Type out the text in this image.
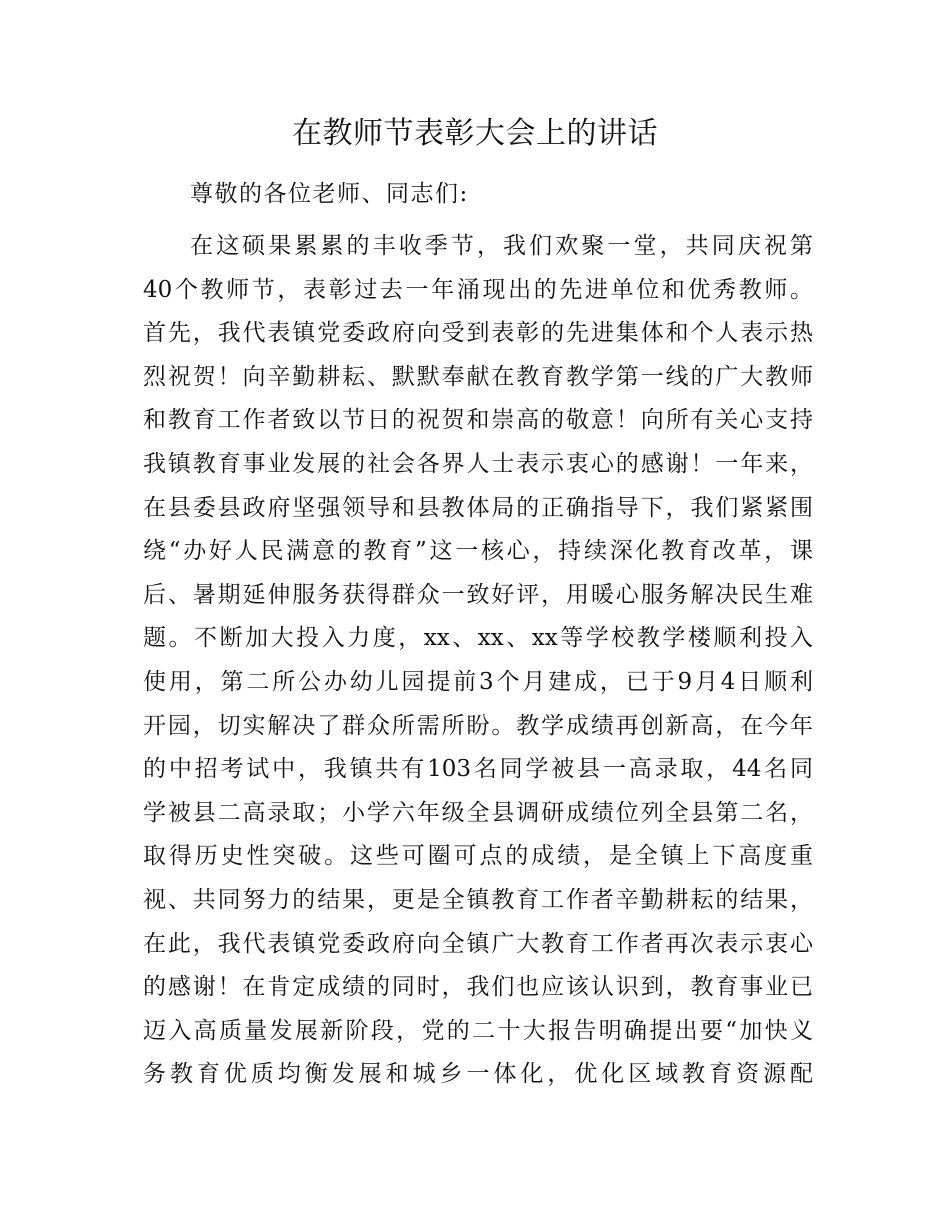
在教师节表彰大会上的讲话
尊敬的各位老师、同志们:
在这硕果累累的丰收季节，我们欢聚一堂，共同庆祝第
40个教师节，表彰过去一年涌现出的先进单位和优秀教师。
首先，我代表镇党委政府向受到表彰的先进集体和个人表示热
烈祝贺！向辛勤耕耘、默默奉献在教育教学第一线的广大教师
和教育工作者致以节日的祝贺和崇高的敬意！向所有关心支持
我镇教育事业发展的社会各界人士表示衷心的感谢！一年来，
在县委县政府坚强领导和县教体局的正确指导下，我们紧紧围
绕“办好人民满意的教育”这一核心，持续深化教育改革，课
后、暑期延伸服务获得群众一致好评，用暖心服务解决民生难
题。不断加大投入力度，xx、xx、xx等学校教学楼顺利投入
使用，第二所公办幼儿园提前3个月建成，已于9月4日顺利
开园，切实解决了群众所需所盼。教学成绩再创新高，在今年
的中招考试中，我镇共有103名同学被县一高录取，44名同
学被县二高录取；小学六年级全县调研成绩位列全县第二名，
取得历史性突破。这些可圈可点的成绩，是全镇上下高度重
视、共同努力的结果，更是全镇教育工作者辛勤耕耘的结果，
在此，我代表镇党委政府向全镇广大教育工作者再次表示衷心
的感谢！在肯定成绩的同时，我们也应该认识到，教育事业已
迈入高质量发展新阶段，党的二十大报告明确提出要“加快义
务教育优质均衡发展和城乡一体化，优化区域教育资源配
